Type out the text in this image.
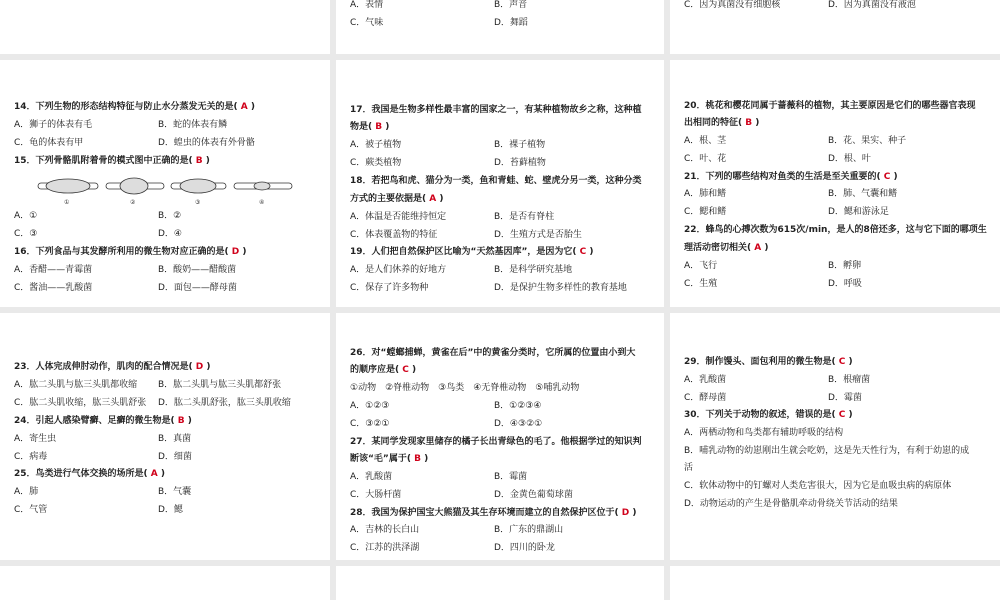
A．表情	B．声音
C．气味	D．舞蹈
C．因为真菌没有细胞核	D．因为真菌没有液泡
14．下列生物的形态结构特征与防止水分蒸发无关的是( A )
A．狮子的体表有毛	B．蛇的体表有鳞
C．龟的体表有甲	D．蝗虫的体表有外骨骼
15．下列骨骼肌附着骨的模式图中正确的是( B )
①	②	③	④
A．①	B．②
C．③	D．④
16．下列食品与其发酵所利用的微生物对应正确的是( D )
A．香醋——青霉菌	B．酸奶——醋酸菌
C．酱油——乳酸菌	D．面包——酵母菌
17．我国是生物多样性最丰富的国家之一，有某种植物故乡之称，这种植
物是( B )
A．被子植物	B．裸子植物
C．蕨类植物	D．苔藓植物
18．若把鸟和虎、猫分为一类，鱼和青蛙、蛇、壁虎分另一类，这种分类
方式的主要依据是( A )
A．体温是否能维持恒定	B．是否有脊柱
C．体表覆盖物的特征	D．生殖方式是否胎生
19．人们把自然保护区比喻为“天然基因库”，是因为它( C )
A．是人们休养的好地方	B．是科学研究基地
C．保存了许多物种	D．是保护生物多样性的教育基地
20．桃花和樱花同属于蔷薇科的植物，其主要原因是它们的哪些器官表现
出相同的特征( B )
A．根、茎	B．花、果实、种子
C．叶、花	D．根、叶
21．下列的哪些结构对鱼类的生活是至关重要的( C )
A．肺和鳍	B．肺、气囊和鳍
C．鳃和鳍	D．鳃和游泳足
22．蜂鸟的心搏次数为615次/min，是人的8倍还多，这与它下面的哪项生
理活动密切相关( A )
A．飞行	B．孵卵
C．生殖	D．呼吸
23．人体完成伸肘动作，肌肉的配合情况是( D )
A．肱二头肌与肱三头肌都收缩 B．肱二头肌与肱三头肌都舒张
C．肱二头肌收缩，肱三头肌舒张 D．肱二头肌舒张，肱三头肌收缩
24．引起人感染臂癣、足癣的微生物是( B )
A．寄生虫	B．真菌
C．病毒	D．细菌
25．鸟类进行气体交换的场所是( A )
A．肺	B．气囊
C．气管	D．鳃
26．对“螳螂捕蝉，黄雀在后”中的黄雀分类时，它所属的位置由小到大
的顺序应是( C )
①动物　②脊椎动物　③鸟类　④无脊椎动物　⑤哺乳动物
A．①②③	B．①②③④
C．③②①	D．④③②①
27．某同学发现家里储存的橘子长出青绿色的毛了。他根据学过的知识判
断该“毛”属于( B )
A．乳酸菌	B．霉菌
C．大肠杆菌	D．金黄色葡萄球菌
28．我国为保护国宝大熊猫及其生存环境而建立的自然保护区位于( D )
A．吉林的长白山	B．广东的鼎湖山
C．江苏的洪泽湖	D．四川的卧龙
29．制作馒头、面包利用的微生物是( C )
A．乳酸菌	B．根瘤菌
C．酵母菌	D．霉菌
30．下列关于动物的叙述，错误的是( C )
A．两栖动物和鸟类都有辅助呼吸的结构
B．哺乳动物的幼崽刚出生就会吃奶，这是先天性行为，有利于幼崽的成
活
C．软体动物中的钉螺对人类危害很大，因为它是血吸虫病的病原体
D．动物运动的产生是骨骼肌牵动骨绕关节活动的结果
